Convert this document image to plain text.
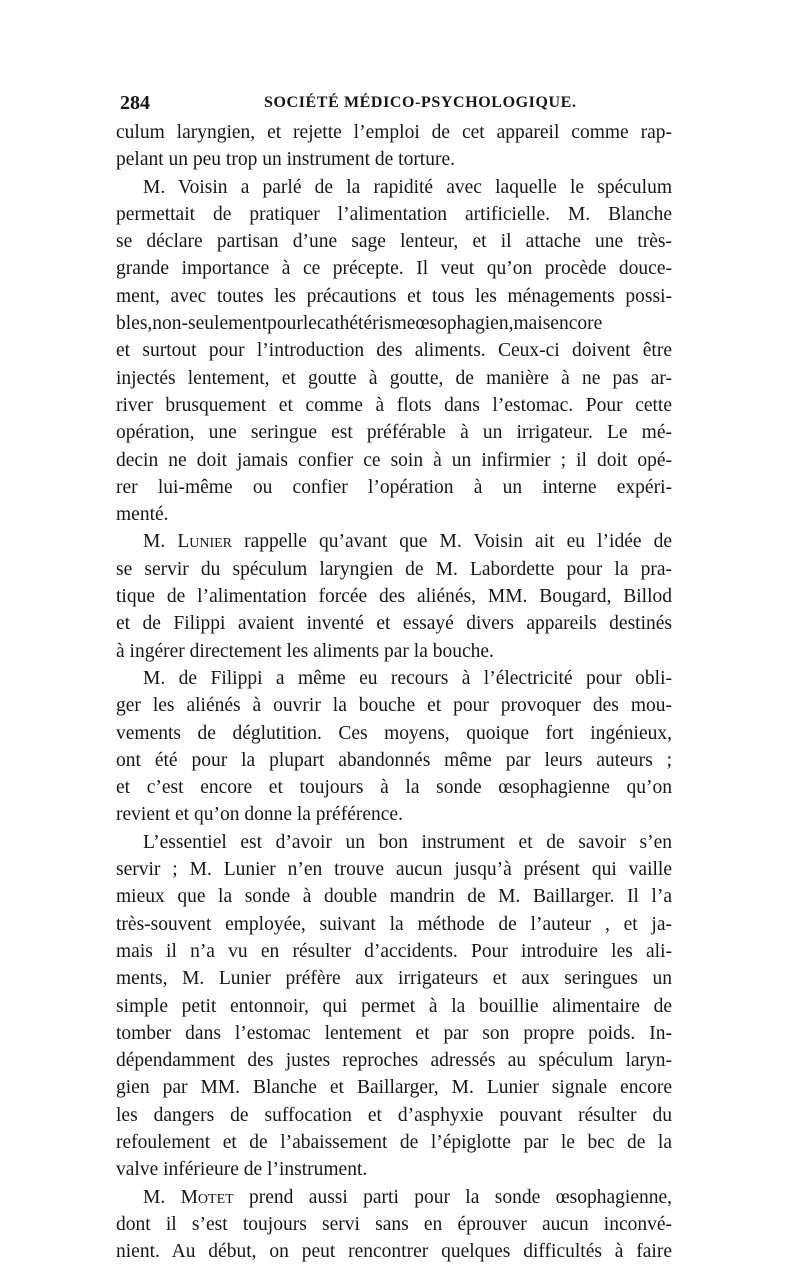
284	SOCIÉTÉ MÉDICO-PSYCHOLOGIQUE.
culum laryngien, et rejette l’emploi de cet appareil comme rap-
pelant un peu trop un instrument de torture.
M. Voisin a parlé de la rapidité avec laquelle le spéculum
permettait de pratiquer l’alimentation artificielle. M. Blanche
se déclare partisan d’une sage lenteur, et il attache une très-
grande importance à ce précepte. Il veut qu’on procède douce-
ment, avec toutes les précautions et tous les ménagements possi-
bles,non-seulementpourlecathétérismeœsophagien,maisencore
et surtout pour l’introduction des aliments. Ceux-ci doivent être
injectés lentement, et goutte à goutte, de manière à ne pas ar-
river brusquement et comme à flots dans l’estomac. Pour cette
opération, une seringue est préférable à un irrigateur. Le mé-
decin ne doit jamais confier ce soin à un infirmier ; il doit opé-
rer lui-même ou confier l’opération à un interne expéri-
menté.
M. Lunier rappelle qu’avant que M. Voisin ait eu l’idée de
se servir du spéculum laryngien de M. Labordette pour la pra-
tique de l’alimentation forcée des aliénés, MM. Bougard, Billod
et de Filippi avaient inventé et essayé divers appareils destinés
à ingérer directement les aliments par la bouche.
M. de Filippi a même eu recours à l’électricité pour obli-
ger les aliénés à ouvrir la bouche et pour provoquer des mou-
vements de déglutition. Ces moyens, quoique fort ingénieux,
ont été pour la plupart abandonnés même par leurs auteurs ;
et c’est encore et toujours à la sonde œsophagienne qu’on
revient et qu’on donne la préférence.
L’essentiel est d’avoir un bon instrument et de savoir s’en
servir ; M. Lunier n’en trouve aucun jusqu’à présent qui vaille
mieux que la sonde à double mandrin de M. Baillarger. Il l’a
très-souvent employée, suivant la méthode de l’auteur , et ja-
mais il n’a vu en résulter d’accidents. Pour introduire les ali-
ments, M. Lunier préfère aux irrigateurs et aux seringues un
simple petit entonnoir, qui permet à la bouillie alimentaire de
tomber dans l’estomac lentement et par son propre poids. In-
dépendamment des justes reproches adressés au spéculum laryn-
gien par MM. Blanche et Baillarger, M. Lunier signale encore
les dangers de suffocation et d’asphyxie pouvant résulter du
refoulement et de l’abaissement de l’épiglotte par le bec de la
valve inférieure de l’instrument.
M. Motet prend aussi parti pour la sonde œsophagienne,
dont il s’est toujours servi sans en éprouver aucun inconvé-
nient. Au début, on peut rencontrer quelques difficultés à faire
